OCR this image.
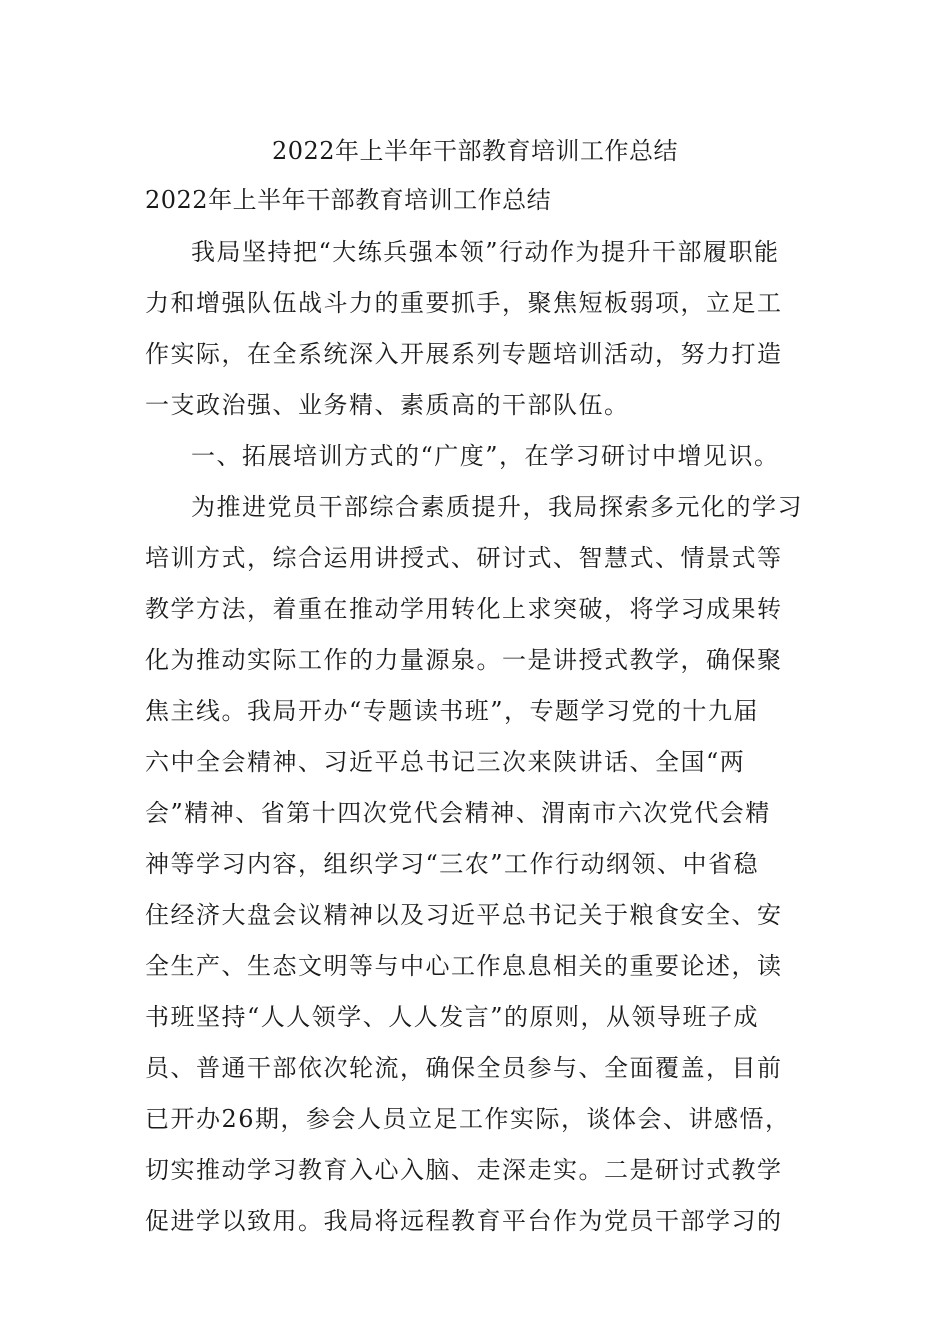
2022年上半年干部教育培训工作总结
2022年上半年干部教育培训工作总结
我局坚持把“大练兵强本领”行动作为提升干部履职能
力和增强队伍战斗力的重要抓手，聚焦短板弱项，立足工
作实际，在全系统深入开展系列专题培训活动，努力打造
一支政治强、业务精、素质高的干部队伍。
一、拓展培训方式的“广度”，在学习研讨中增见识。
为推进党员干部综合素质提升，我局探索多元化的学习
培训方式，综合运用讲授式、研讨式、智慧式、情景式等
教学方法，着重在推动学用转化上求突破，将学习成果转
化为推动实际工作的力量源泉。一是讲授式教学，确保聚
焦主线。我局开办“专题读书班”，专题学习党的十九届
六中全会精神、习近平总书记三次来陕讲话、全国“两
会”精神、省第十四次党代会精神、渭南市六次党代会精
神等学习内容，组织学习“三农”工作行动纲领、中省稳
住经济大盘会议精神以及习近平总书记关于粮食安全、安
全生产、生态文明等与中心工作息息相关的重要论述，读
书班坚持“人人领学、人人发言”的原则，从领导班子成
员、普通干部依次轮流，确保全员参与、全面覆盖，目前
已开办26期，参会人员立足工作实际，谈体会、讲感悟，
切实推动学习教育入心入脑、走深走实。二是研讨式教学
促进学以致用。我局将远程教育平台作为党员干部学习的
